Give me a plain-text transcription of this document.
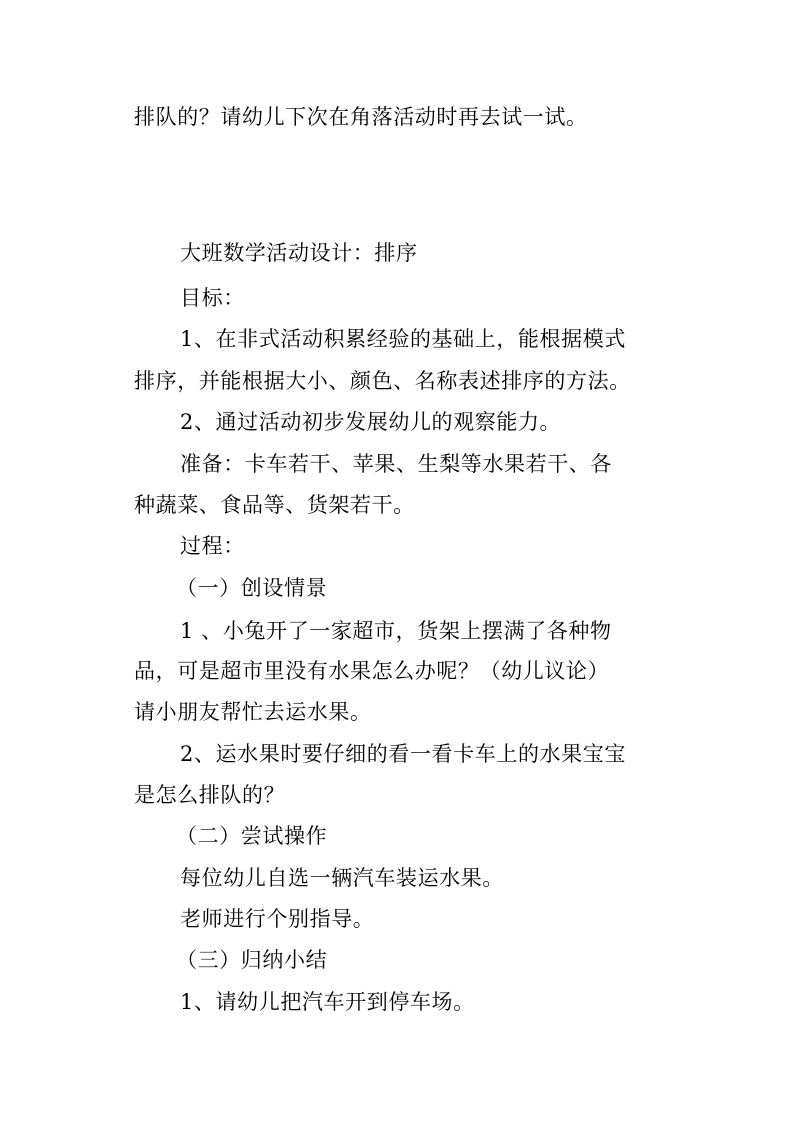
排队的？请幼儿下次在角落活动时再去试一试。
大班数学活动设计：排序
目标：
1、在非式活动积累经验的基础上，能根据模式
排序，并能根据大小、颜色、名称表述排序的方法。
2、通过活动初步发展幼儿的观察能力。
准备：卡车若干、苹果、生梨等水果若干、各
种蔬菜、食品等、货架若干。
过程：
（一）创设情景
1 、小兔开了一家超市，货架上摆满了各种物
品，可是超市里没有水果怎么办呢？（幼儿议论）
请小朋友帮忙去运水果。
2、运水果时要仔细的看一看卡车上的水果宝宝
是怎么排队的？
（二）尝试操作
每位幼儿自选一辆汽车装运水果。
老师进行个别指导。
（三）归纳小结
1、请幼儿把汽车开到停车场。
